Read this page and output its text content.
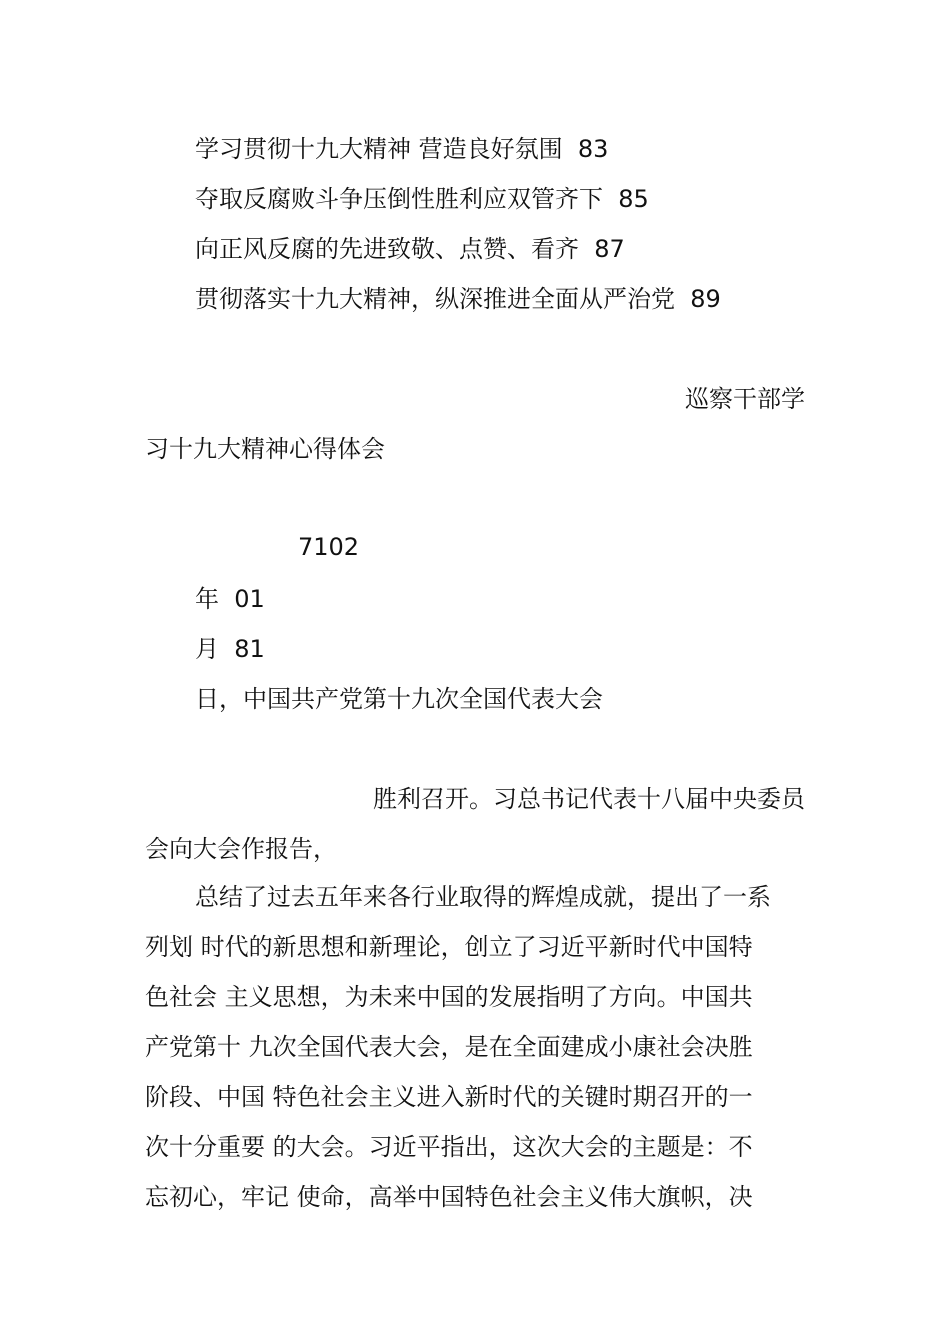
学习贯彻十九大精神 营造良好氛围 83
夺取反腐败斗争压倒性胜利应双管齐下 85
向正风反腐的先进致敬、点赞、看齐 87
贯彻落实十九大精神，纵深推进全面从严治党 89
巡察干部学
习十九大精神心得体会
7102
年 01
月 81
日，中国共产党第十九次全国代表大会
胜利召开。习总书记代表十八届中央委员
会向大会作报告，
总结了过去五年来各行业取得的辉煌成就，提出了一系
列划 时代的新思想和新理论，创立了习近平新时代中国特
色社会 主义思想，为未来中国的发展指明了方向。中国共
产党第十 九次全国代表大会，是在全面建成小康社会决胜
阶段、中国 特色社会主义进入新时代的关键时期召开的一
次十分重要 的大会。习近平指出，这次大会的主题是：不
忘初心，牢记 使命，高举中国特色社会主义伟大旗帜，决
